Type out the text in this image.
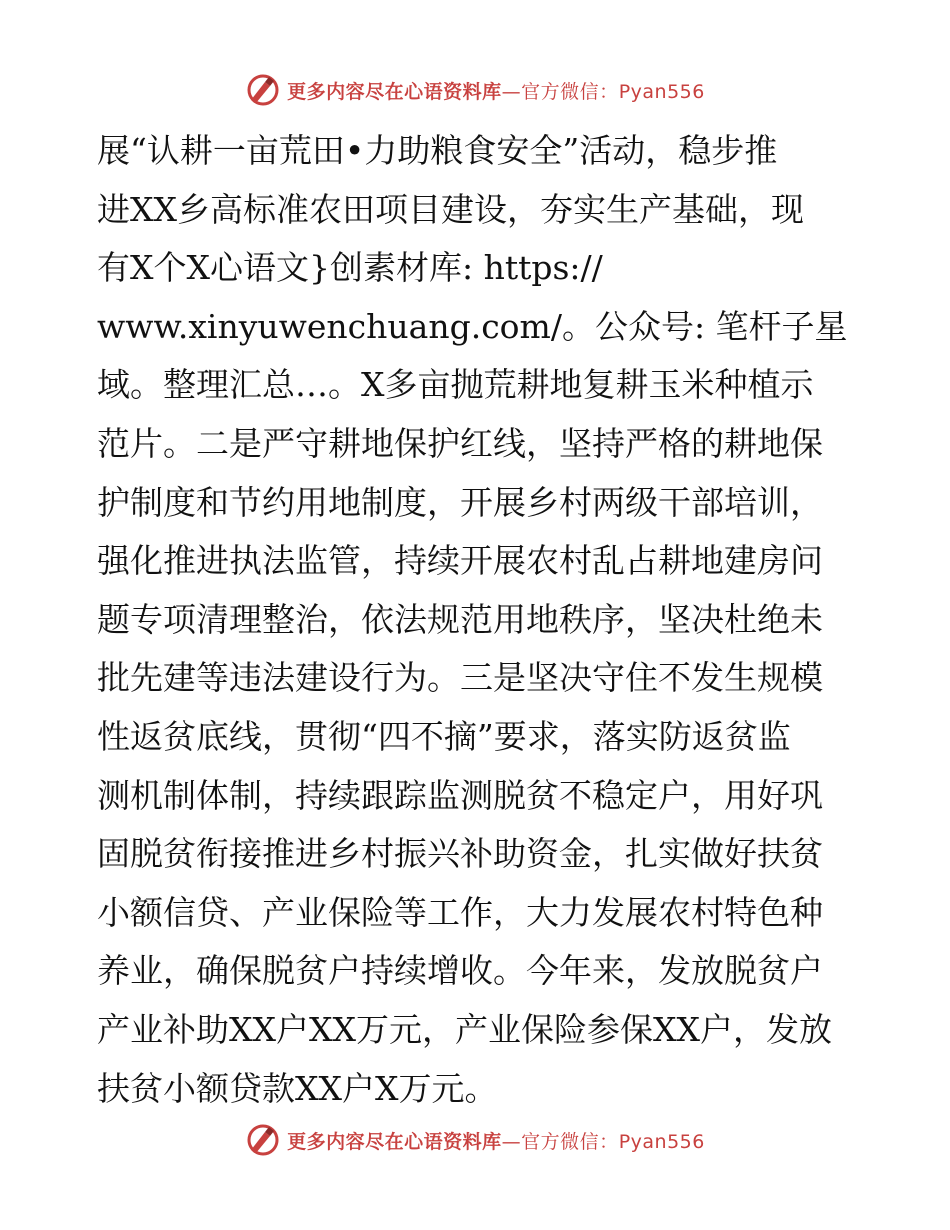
更多内容尽在心语资料库—官方微信：Pyan556
展“认耕一亩荒田•力助粮食安全”活动，稳步推
进XX乡高标准农田项目建设，夯实生产基础，现
有X个X心语文}创素材库: https://
www.xinyuwenchuang.com/。公众号: 笔杆子星
域。整理汇总…。X多亩抛荒耕地复耕玉米种植示
范片。二是严守耕地保护红线，坚持严格的耕地保
护制度和节约用地制度，开展乡村两级干部培训，
强化推进执法监管，持续开展农村乱占耕地建房问
题专项清理整治，依法规范用地秩序，坚决杜绝未
批先建等违法建设行为。三是坚决守住不发生规模
性返贫底线，贯彻“四不摘”要求，落实防返贫监
测机制体制，持续跟踪监测脱贫不稳定户，用好巩
固脱贫衔接推进乡村振兴补助资金，扎实做好扶贫
小额信贷、产业保险等工作，大力发展农村特色种
养业，确保脱贫户持续增收。今年来，发放脱贫户
产业补助XX户XX万元，产业保险参保XX户，发放
扶贫小额贷款XX户X万元。
更多内容尽在心语资料库—官方微信：Pyan556
